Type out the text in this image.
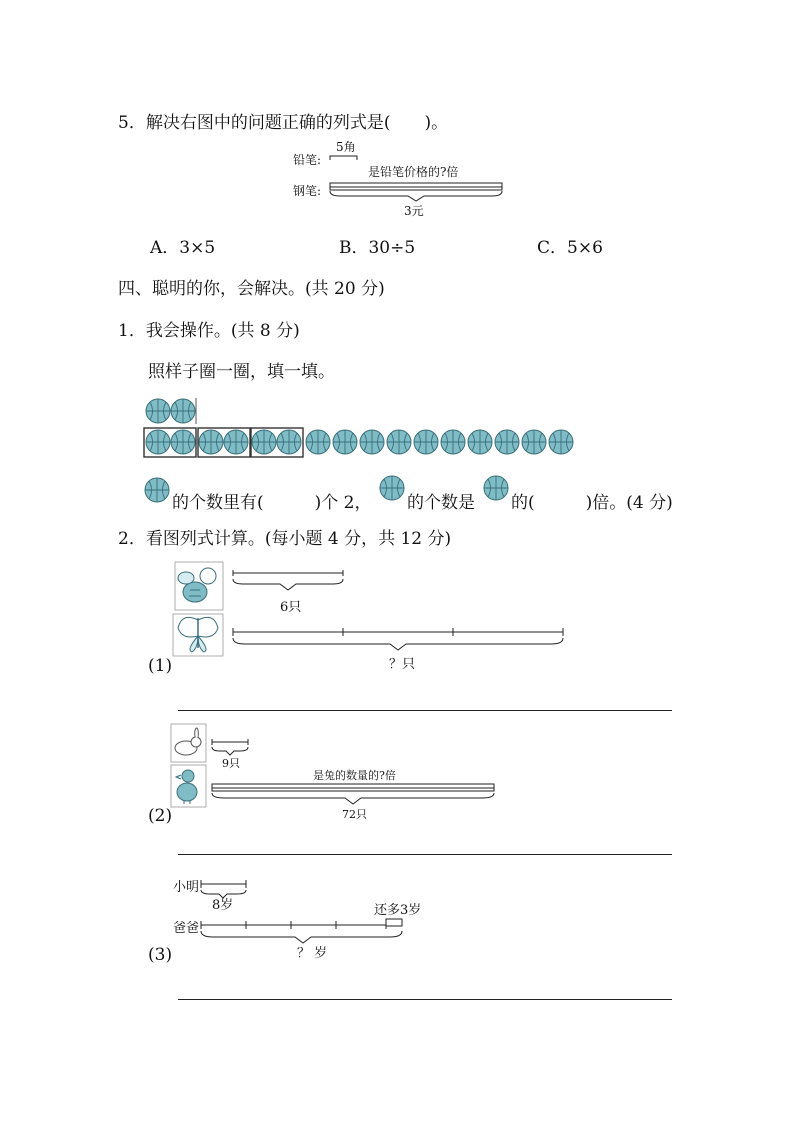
5．解决右图中的问题正确的列式是(　　)。
铅笔:
5角
钢笔:
是铅笔价格的?倍
3元
A．3×5	B．30÷5	C．5×6
四、聪明的你，会解决。(共 20 分)
1．我会操作。(共 8 分)
照样子圈一圈，填一填。
的个数里有(　　　)个 2， 的个数是 的(　　　)倍。(4 分)
2．看图列式计算。(每小题 4 分，共 12 分)
6只
？只
(1)
9只
是兔的数量的?倍
72只
(2)
小明
8岁	还多3岁
爸爸
？ 岁
(3)
